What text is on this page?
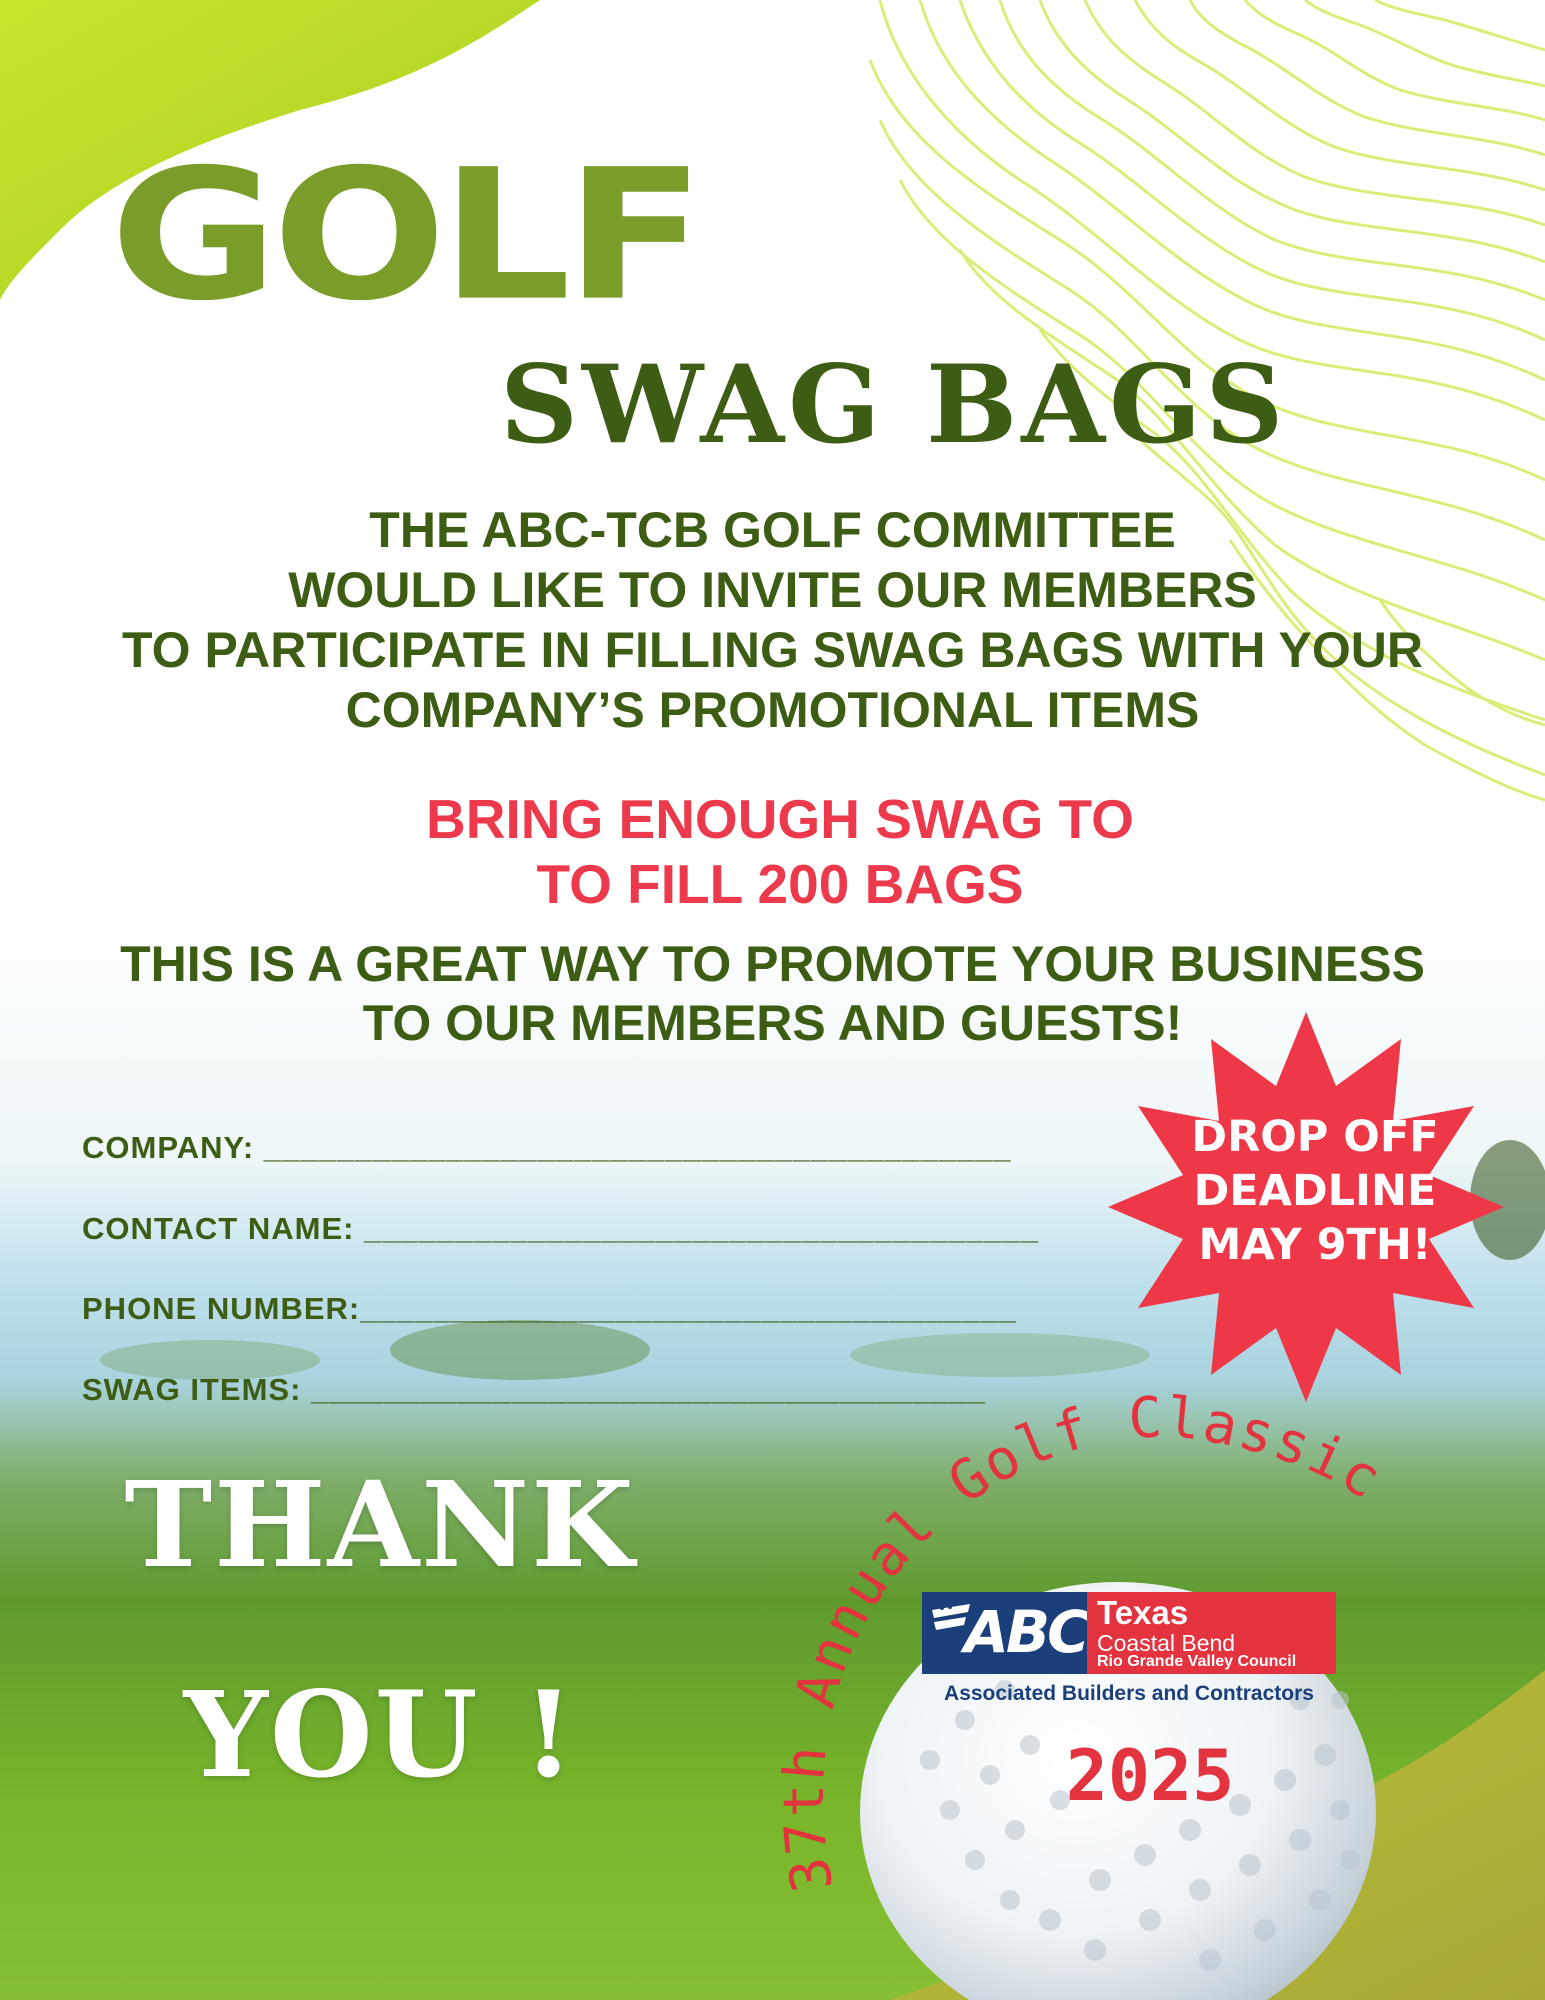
37th Annual Golf Classic
GOLF
SWAG BAGS
THE ABC-TCB GOLF COMMITTEE
WOULD LIKE TO INVITE OUR MEMBERS
TO PARTICIPATE IN FILLING SWAG BAGS WITH YOUR
COMPANY’S PROMOTIONAL ITEMS
BRING ENOUGH SWAG TO
TO FILL 200 BAGS
THIS IS A GREAT WAY TO PROMOTE YOUR BUSINESS
TO OUR MEMBERS AND GUESTS!
COMPANY: _________________________________________
CONTACT NAME: _____________________________________
PHONE NUMBER:____________________________________
SWAG ITEMS: _____________________________________
DROP OFF
DEADLINE
MAY 9TH!
THANK
YOU !
ABC Texas
Coastal Bend
Rio Grande Valley Council
Associated Builders and Contractors
2025
